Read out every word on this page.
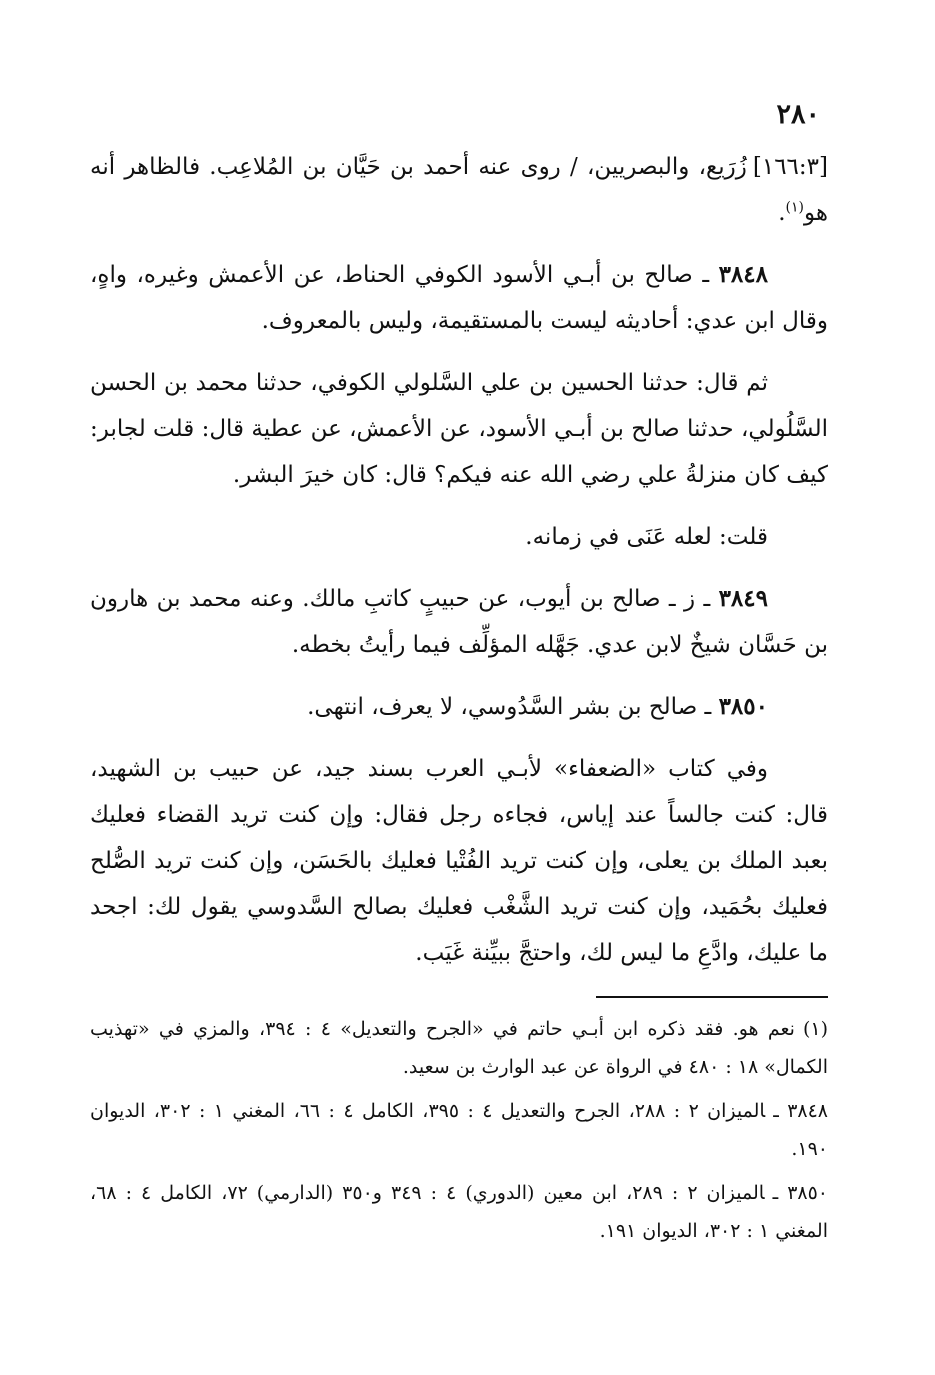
٢٨٠

[١٦٦:٣]زُرَيع، والبصريين، / روى عنه أحمد بن حَيَّان بن المُلاعِب. فالظاهر أنه هو$^{(١)}$.

٣٨٤٨ ـ صالح بن أبـي الأسود الكوفي الحناط، عن الأعمش وغيره، واهٍ، وقال ابن عدي: أحاديثه ليست بالمستقيمة، وليس بالمعروف.

ثم قال: حدثنا الحسين بن علي السَّلولي الكوفي، حدثنا محمد بن الحسن السَّلُولي، حدثنا صالح بن أبـي الأسود، عن الأعمش، عن عطية قال: قلت لجابر: كيف كان منزلةُ علي رضي الله عنه فيكم؟ قال: كان خيرَ البشر.

قلت: لعله عَنَى في زمانه.

٣٨٤٩ ـ ز ـ صالح بن أيوب، عن حبيبٍ كاتبِ مالك. وعنه محمد بن هارون بن حَسَّان شيخٌ لابن عدي. جَهَّله المؤلِّف فيما رأيتُ بخطه.

٣٨٥٠ ـ صالح بن بشر السَّدُوسي، لا يعرف، انتهى.

وفي كتاب «الضعفاء» لأبـي العرب بسند جيد، عن حبيب بن الشهيد، قال: كنت جالساً عند إياس، فجاءه رجل فقال: وإن كنت تريد القضاء فعليك بعبد الملك بن يعلى، وإن كنت تريد الفُتْيا فعليك بالحَسَن، وإن كنت تريد الصُّلح فعليك بحُمَيد، وإن كنت تريد الشَّغْب فعليك بصالح السَّدوسي يقول لك: اجحد ما عليك، وادَّعِ ما ليس لك، واحتجَّ ببيِّنة غَيَب.

(١)نعم هو. فقد ذكره ابن أبـي حاتم في «الجرح والتعديل» ٤ : ٣٩٤، والمزي في «تهذيب الكمال» ١٨ : ٤٨٠ في الرواة عن عبد الوارث بن سعيد.

٣٨٤٨ ـالميزان ٢ : ٢٨٨، الجرح والتعديل ٤ : ٣٩٥، الكامل ٤ : ٦٦، المغني ١ : ٣٠٢، الديوان ١٩٠.

٣٨٥٠ ـالميزان ٢ : ٢٨٩، ابن معين (الدوري) ٤ : ٣٤٩ و٣٥٠ (الدارمي) ٧٢، الكامل ٤ : ٦٨، المغني ١ : ٣٠٢، الديوان ١٩١.
